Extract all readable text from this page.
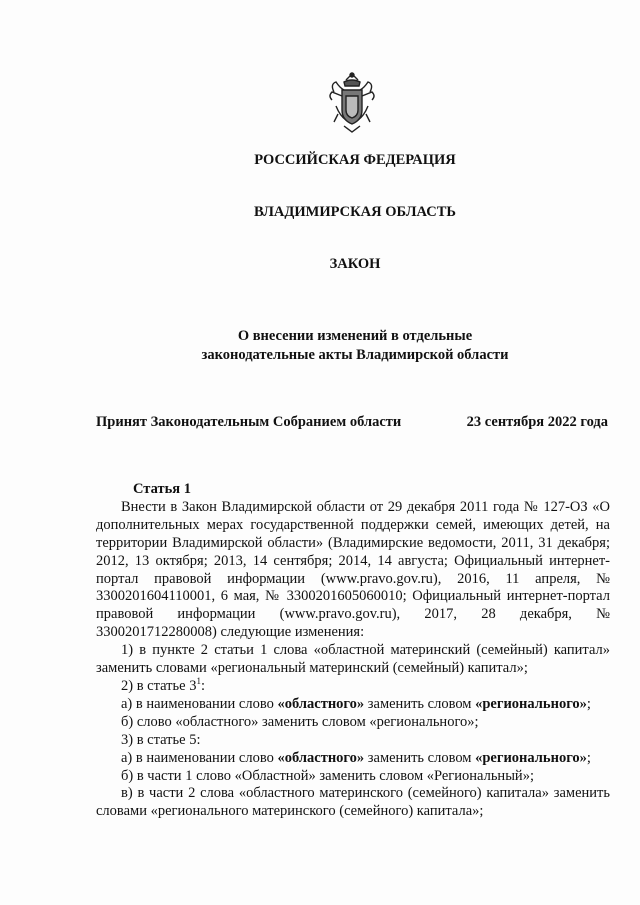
РОССИЙСКАЯ ФЕДЕРАЦИЯ
ВЛАДИМИРСКАЯ ОБЛАСТЬ
ЗАКОН
О внесении изменений в отдельные
законодательные акты Владимирской области
Принят Законодательным Собранием области	23 сентября 2022 года
Статья 1

Внести в Закон Владимирской области от 29 декабря 2011 года № 127-ОЗ «О дополнительных мерах государственной поддержки семей, имеющих детей, на территории Владимирской области» (Владимирские ведомости, 2011, 31 декабря; 2012, 13 октября; 2013, 14 сентября; 2014, 14 августа; Официальный интернет-портал правовой информации (www.pravo.gov.ru), 2016, 11 апреля, № 3300201604110001, 6 мая, № 3300201605060010; Официальный интернет-портал правовой информации (www.pravo.gov.ru), 2017, 28 декабря, № 3300201712280008) следующие изменения:

1) в пункте 2 статьи 1 слова «областной материнский (семейный) капитал» заменить словами «региональный материнский (семейный) капитал»;

2) в статье $3^1$:

а) в наименовании слово «областного» заменить словом «регионального»;

б) слово «областного» заменить словом «регионального»;

3) в статье 5:

а) в наименовании слово «областного» заменить словом «регионального»;

б) в части 1 слово «Областной» заменить словом «Региональный»;

в) в части 2 слова «областного материнского (семейного) капитала» заменить словами «регионального материнского (семейного) капитала»;
